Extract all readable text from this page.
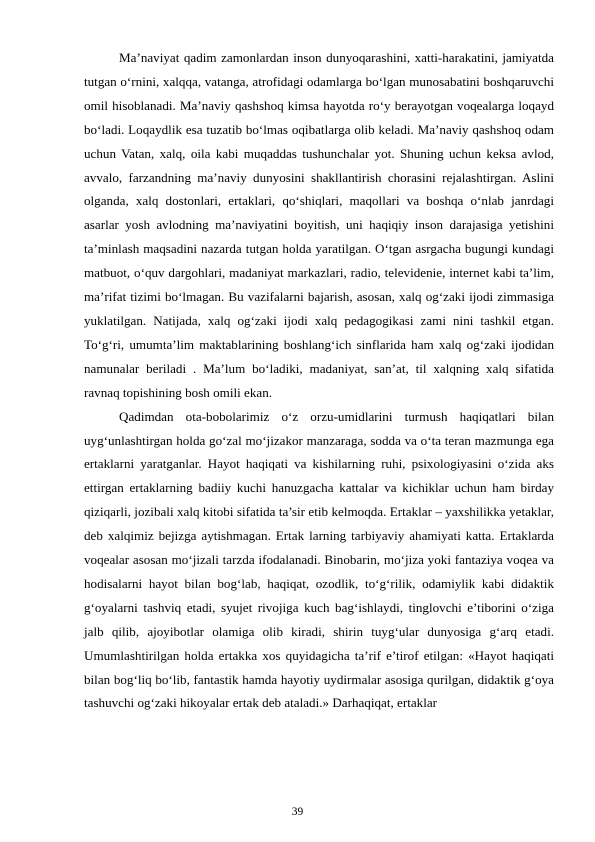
Ma’naviyat qadim zamonlardan inson dunyoqarashini, xatti-harakatini, jamiyatda tutgan o‘rnini, xalqqa, vatanga, atrofidagi odamlarga bo‘lgan munosabatini boshqaruvchi omil hisoblanadi. Ma’naviy qashshoq kimsa hayotda ro‘y berayotgan voqealarga loqayd bo‘ladi. Loqaydlik esa tuzatib bo‘lmas oqibatlarga olib keladi. Ma’naviy qashshoq odam uchun Vatan, xalq, oila kabi muqaddas tushunchalar yot. Shuning uchun keksa avlod, avvalo, farzandning ma’naviy dunyosini shakllantirish chorasini rejalashtirgan. Aslini olganda, xalq dostonlari, ertaklari, qo‘shiqlari, maqollari va boshqa o‘nlab janrdagi asarlar yosh avlodning ma’naviyatini boyitish, uni haqiqiy inson darajasiga yetishini ta’minlash maqsadini nazarda tutgan holda yaratilgan. O‘tgan asrgacha bugungi kundagi matbuot, o‘quv dargohlari, madaniyat markazlari, radio, televidenie, internet kabi ta’lim, ma’rifat tizimi bo‘lmagan. Bu vazifalarni bajarish, asosan, xalq og‘zaki ijodi zimmasiga yuklatilgan. Natijada, xalq og‘zaki ijodi xalq pedagogikasi zami nini tashkil etgan. To‘g‘ri, umumta’lim maktablarining boshlang‘ich sinflarida ham xalq og‘zaki ijodidan namunalar beriladi . Ma’lum bo‘ladiki, madaniyat, san’at, til xalqning xalq sifatida ravnaq topishining bosh omili ekan.

Qadimdan ota-bobolarimiz o‘z orzu-umidlarini turmush haqiqatlari bilan uyg‘unlashtirgan holda go‘zal mo‘jizakor manzaraga, sodda va o‘ta teran mazmunga ega ertaklarni yaratganlar. Hayot haqiqati va kishilarning ruhi, psixologiyasini o‘zida aks ettirgan ertaklarning badiiy kuchi hanuzgacha kattalar va kichiklar uchun ham birday qiziqarli, jozibali xalq kitobi sifatida ta’sir etib kelmoqda. Ertaklar – yaxshilikka yetaklar, deb xalqimiz bejizga aytishmagan. Ertak larning tarbiyaviy ahamiyati katta. Ertaklarda voqealar asosan mo‘jizali tarzda ifodalanadi. Binobarin, mo‘jiza yoki fantaziya voqea va hodisalarni hayot bilan bog‘lab, haqiqat, ozodlik, to‘g‘rilik, odamiylik kabi didaktik g‘oyalarni tashviq etadi, syujet rivojiga kuch bag‘ishlaydi, tinglovchi e’tiborini o‘ziga jalb qilib, ajoyibotlar olamiga olib kiradi, shirin tuyg‘ular dunyosiga g‘arq etadi. Umumlashtirilgan holda ertakka xos quyidagicha ta’rif e’tirof etilgan: «Hayot haqiqati bilan bog‘liq bo‘lib, fantastik hamda hayotiy uydirmalar asosiga qurilgan, didaktik g‘oya tashuvchi og‘zaki hikoyalar ertak deb ataladi.» Darhaqiqat, ertaklar

39
